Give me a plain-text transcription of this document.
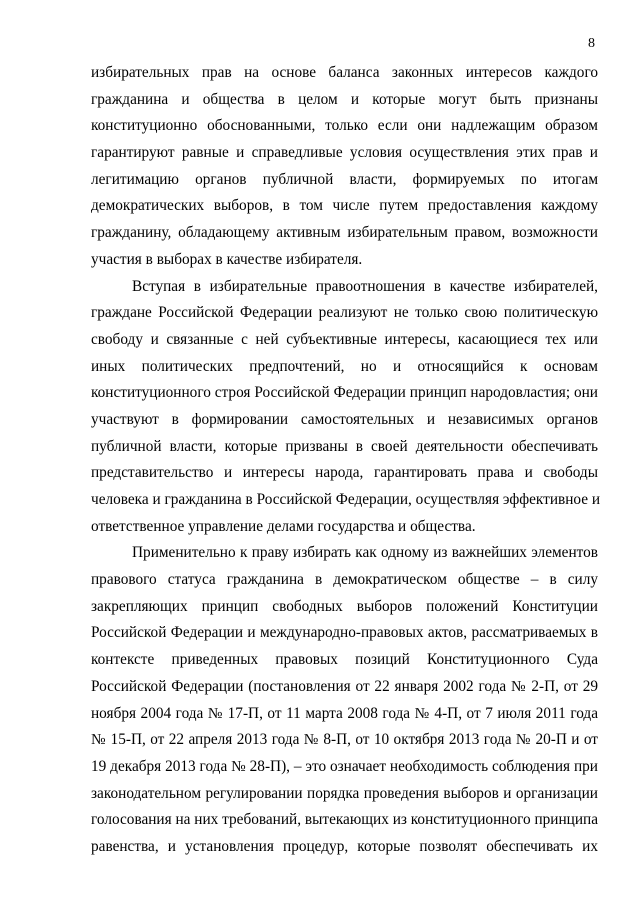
8
избирательных прав на основе баланса законных интересов каждого
гражданина и общества в целом и которые могут быть признаны
конституционно обоснованными, только если они надлежащим образом
гарантируют равные и справедливые условия осуществления этих прав и
легитимацию органов публичной власти, формируемых по итогам
демократических выборов, в том числе путем предоставления каждому
гражданину, обладающему активным избирательным правом, возможности
участия в выборах в качестве избирателя.
Вступая в избирательные правоотношения в качестве избирателей,
граждане Российской Федерации реализуют не только свою политическую
свободу и связанные с ней субъективные интересы, касающиеся тех или
иных политических предпочтений, но и относящийся к основам
конституционного строя Российской Федерации принцип народовластия; они
участвуют в формировании самостоятельных и независимых органов
публичной власти, которые призваны в своей деятельности обеспечивать
представительство и интересы народа, гарантировать права и свободы
человека и гражданина в Российской Федерации, осуществляя эффективное и
ответственное управление делами государства и общества.
Применительно к праву избирать как одному из важнейших элементов
правового статуса гражданина в демократическом обществе – в силу
закрепляющих принцип свободных выборов положений Конституции
Российской Федерации и международно-правовых актов, рассматриваемых в
контексте приведенных правовых позиций Конституционного Суда
Российской Федерации (постановления от 22 января 2002 года № 2-П, от 29
ноября 2004 года № 17-П, от 11 марта 2008 года № 4-П, от 7 июля 2011 года
№ 15-П, от 22 апреля 2013 года № 8-П, от 10 октября 2013 года № 20-П и от
19 декабря 2013 года № 28-П), – это означает необходимость соблюдения при
законодательном регулировании порядка проведения выборов и организации
голосования на них требований, вытекающих из конституционного принципа
равенства, и установления процедур, которые позволят обеспечивать их
